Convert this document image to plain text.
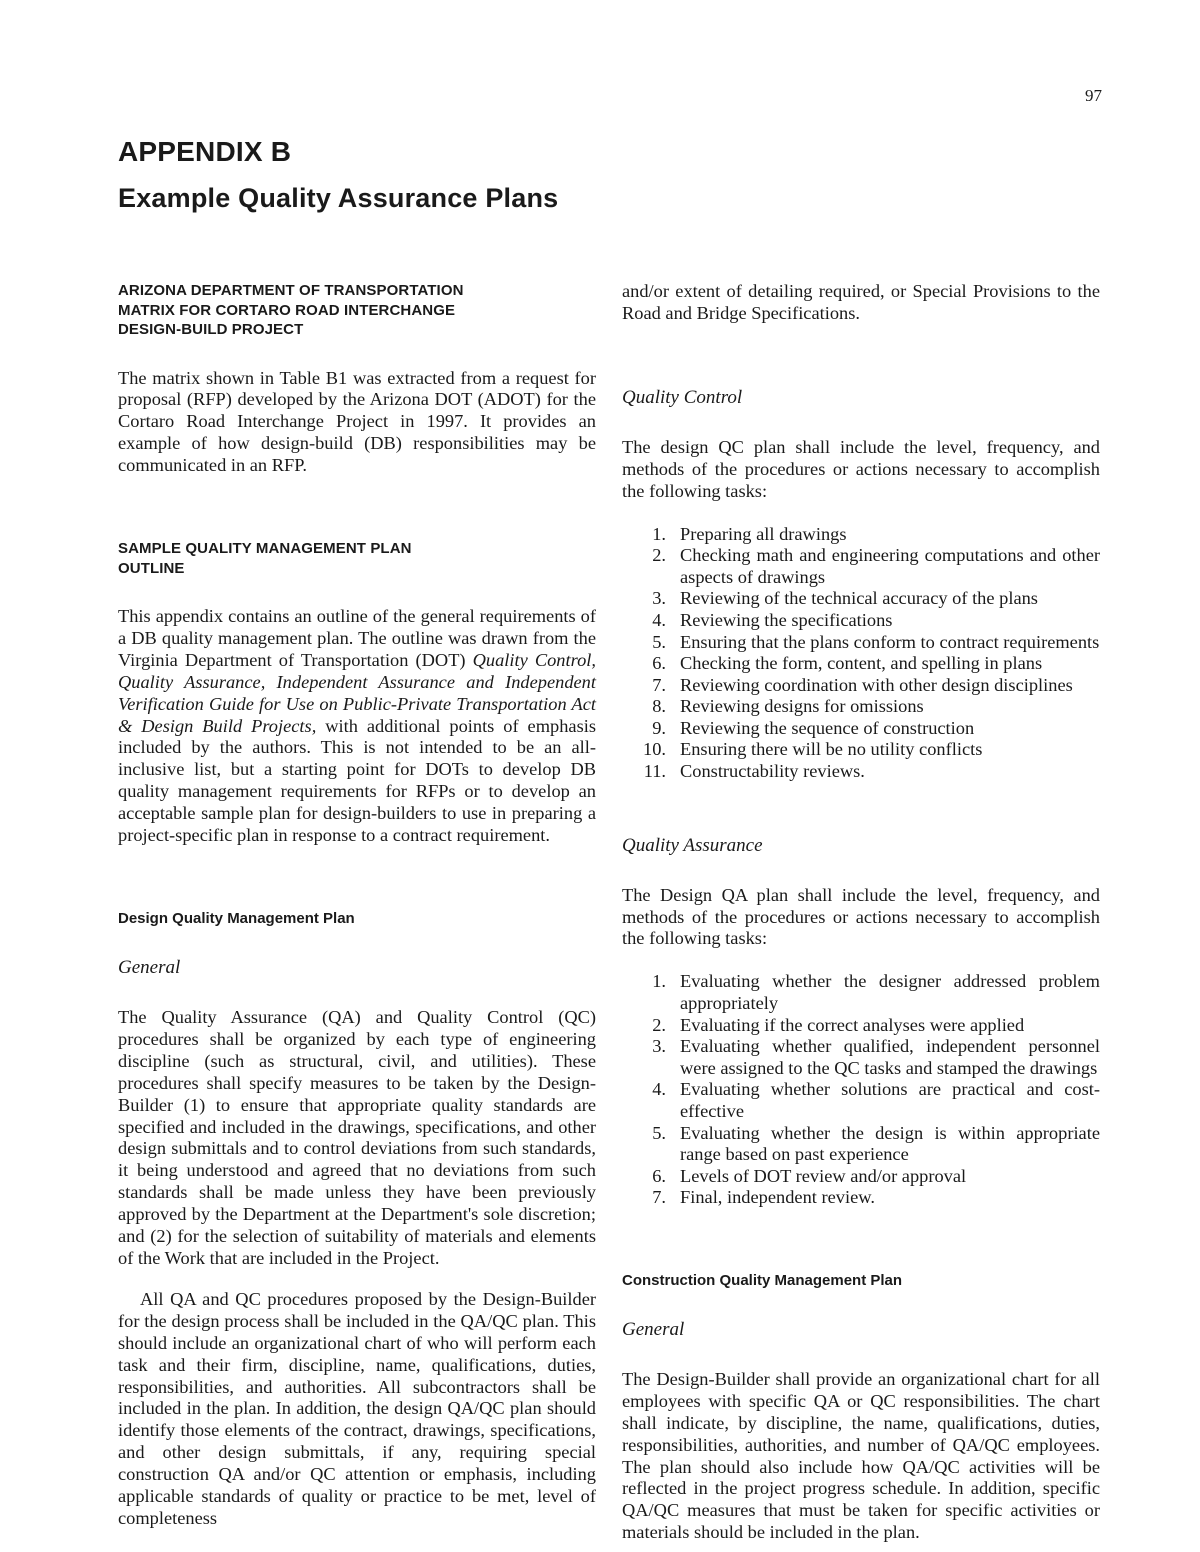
97
APPENDIX B
Example Quality Assurance Plans
ARIZONA DEPARTMENT OF TRANSPORTATION
MATRIX FOR CORTARO ROAD INTERCHANGE
DESIGN-BUILD PROJECT

The matrix shown in Table B1 was extracted from a request for proposal (RFP) developed by the Arizona DOT (ADOT) for the Cortaro Road Interchange Project in 1997. It provides an example of how design-build (DB) responsibilities may be communicated in an RFP.

SAMPLE QUALITY MANAGEMENT PLAN
OUTLINE

This appendix contains an outline of the general requirements of a DB quality management plan. The outline was drawn from the Virginia Department of Transportation (DOT) Quality Control, Quality Assurance, Independent Assurance and Independent Verification Guide for Use on Public-Private Transportation Act & Design Build Projects, with additional points of emphasis included by the authors. This is not intended to be an all-inclusive list, but a starting point for DOTs to develop DB quality management requirements for RFPs or to develop an acceptable sample plan for design-builders to use in preparing a project-specific plan in response to a contract requirement.

Design Quality Management Plan
General

The Quality Assurance (QA) and Quality Control (QC) procedures shall be organized by each type of engineering discipline (such as structural, civil, and utilities). These procedures shall specify measures to be taken by the Design-Builder (1) to ensure that appropriate quality standards are specified and included in the drawings, specifications, and other design submittals and to control deviations from such standards, it being understood and agreed that no deviations from such standards shall be made unless they have been previously approved by the Department at the Department's sole discretion; and (2) for the selection of suitability of materials and elements of the Work that are included in the Project.

All QA and QC procedures proposed by the Design-Builder for the design process shall be included in the QA/QC plan. This should include an organizational chart of who will perform each task and their firm, discipline, name, qualifications, duties, responsibilities, and authorities. All subcontractors shall be included in the plan. In addition, the design QA/QC plan should identify those elements of the contract, drawings, specifications, and other design submittals, if any, requiring special construction QA and/or QC attention or emphasis, including applicable standards of quality or practice to be met, level of completeness

and/or extent of detailing required, or Special Provisions to the Road and Bridge Specifications.

Quality Control

The design QC plan shall include the level, frequency, and methods of the procedures or actions necessary to accomplish the following tasks:

1. Preparing all drawings
2. Checking math and engineering computations and other aspects of drawings
3. Reviewing of the technical accuracy of the plans
4. Reviewing the specifications
5. Ensuring that the plans conform to contract requirements
6. Checking the form, content, and spelling in plans
7. Reviewing coordination with other design disciplines
8. Reviewing designs for omissions
9. Reviewing the sequence of construction
10. Ensuring there will be no utility conflicts
11. Constructability reviews.
Quality Assurance

The Design QA plan shall include the level, frequency, and methods of the procedures or actions necessary to accomplish the following tasks:

1. Evaluating whether the designer addressed problem appropriately
2. Evaluating if the correct analyses were applied
3. Evaluating whether qualified, independent personnel were assigned to the QC tasks and stamped the drawings
4. Evaluating whether solutions are practical and cost-effective
5. Evaluating whether the design is within appropriate range based on past experience
6. Levels of DOT review and/or approval
7. Final, independent review.
Construction Quality Management Plan
General

The Design-Builder shall provide an organizational chart for all employees with specific QA or QC responsibilities. The chart shall indicate, by discipline, the name, qualifications, duties, responsibilities, authorities, and number of QA/QC employees. The plan should also include how QA/QC activities will be reflected in the project progress schedule. In addition, specific QA/QC measures that must be taken for specific activities or materials should be included in the plan.
